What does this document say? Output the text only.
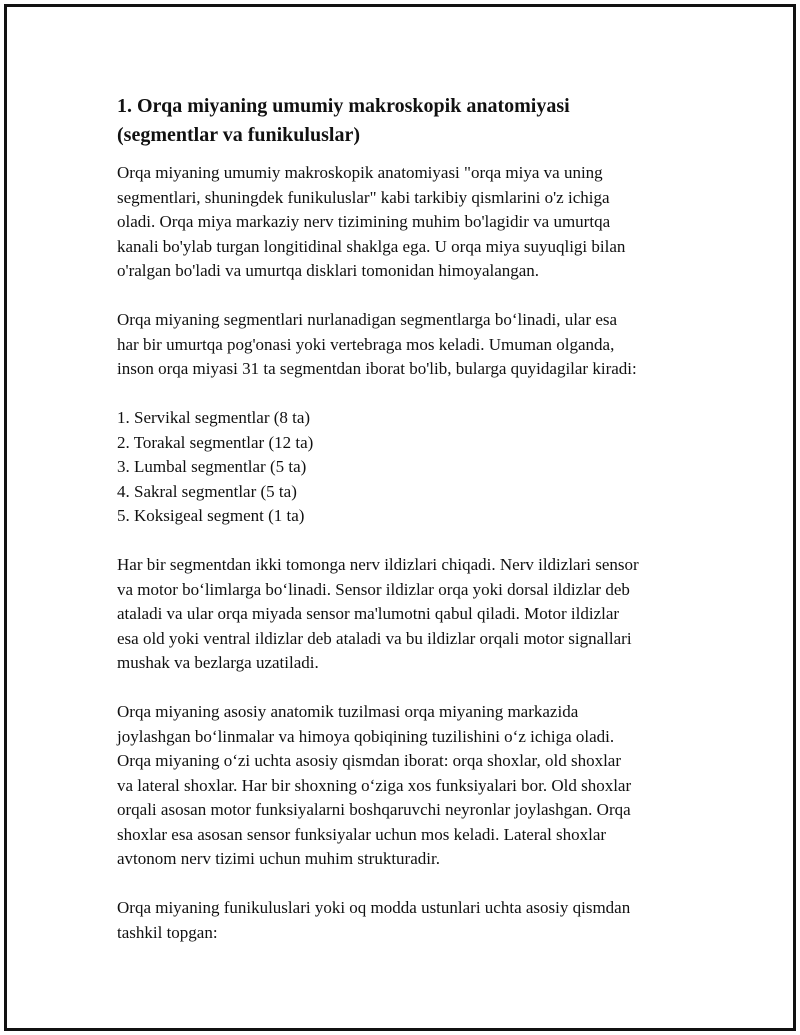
1. Orqa miyaning umumiy makroskopik anatomiyasi
(segmentlar va funikuluslar)

Orqa miyaning umumiy makroskopik anatomiyasi "orqa miya va uning
segmentlari, shuningdek funikuluslar" kabi tarkibiy qismlarini o'z ichiga
oladi. Orqa miya markaziy nerv tizimining muhim bo'lagidir va umurtqa
kanali bo'ylab turgan longitidinal shaklga ega. U orqa miya suyuqligi bilan
o'ralgan bo'ladi va umurtqa disklari tomonidan himoyalangan.

Orqa miyaning segmentlari nurlanadigan segmentlarga bo‘linadi, ular esa
har bir umurtqa pog'onasi yoki vertebraga mos keladi. Umuman olganda,
inson orqa miyasi 31 ta segmentdan iborat bo'lib, bularga quyidagilar kiradi:

1. Servikal segmentlar (8 ta)
2. Torakal segmentlar (12 ta)
3. Lumbal segmentlar (5 ta)
4. Sakral segmentlar (5 ta)
5. Koksigeal segment (1 ta)

Har bir segmentdan ikki tomonga nerv ildizlari chiqadi. Nerv ildizlari sensor
va motor bo‘limlarga bo‘linadi. Sensor ildizlar orqa yoki dorsal ildizlar deb
ataladi va ular orqa miyada sensor ma'lumotni qabul qiladi. Motor ildizlar
esa old yoki ventral ildizlar deb ataladi va bu ildizlar orqali motor signallari
mushak va bezlarga uzatiladi.

Orqa miyaning asosiy anatomik tuzilmasi orqa miyaning markazida
joylashgan bo‘linmalar va himoya qobiqining tuzilishini o‘z ichiga oladi.
Orqa miyaning o‘zi uchta asosiy qismdan iborat: orqa shoxlar, old shoxlar
va lateral shoxlar. Har bir shoxning o‘ziga xos funksiyalari bor. Old shoxlar
orqali asosan motor funksiyalarni boshqaruvchi neyronlar joylashgan. Orqa
shoxlar esa asosan sensor funksiyalar uchun mos keladi. Lateral shoxlar
avtonom nerv tizimi uchun muhim strukturadir.

Orqa miyaning funikuluslari yoki oq modda ustunlari uchta asosiy qismdan
tashkil topgan:
